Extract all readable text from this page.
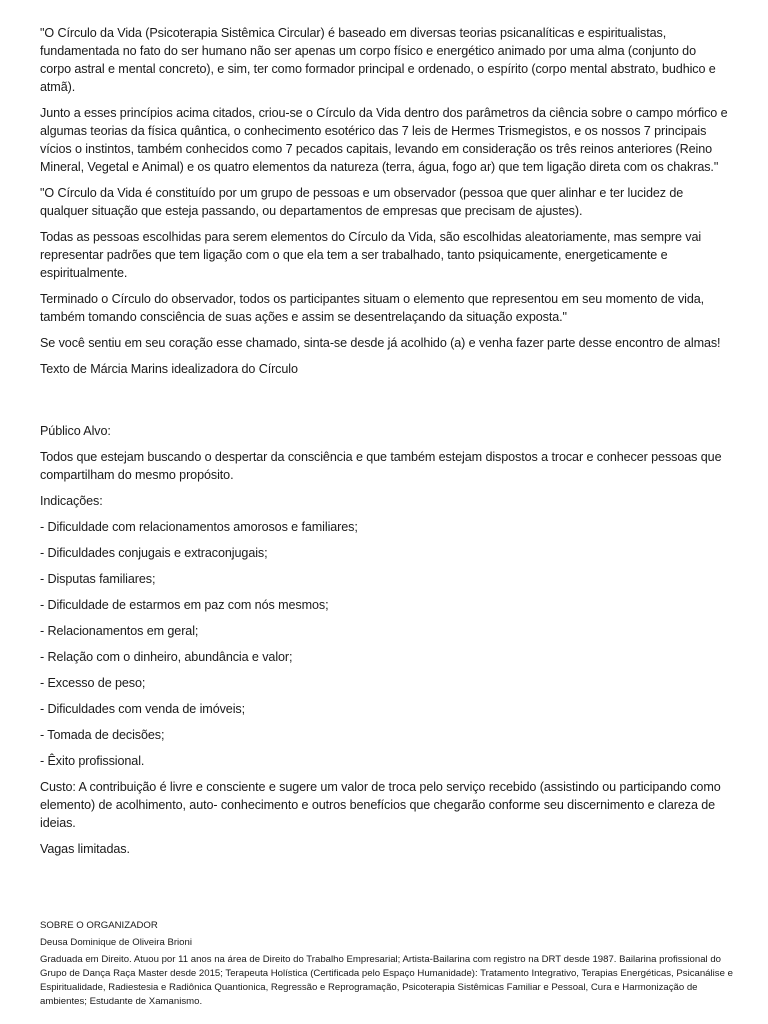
"O Círculo da Vida (Psicoterapia Sistêmica Circular) é baseado em diversas teorias psicanalíticas e espiritualistas, fundamentada no fato do ser humano não ser apenas um corpo físico e energético animado por uma alma (conjunto do corpo astral e mental concreto), e sim, ter como formador principal e ordenado, o espírito (corpo mental abstrato, budhico e atmã).

Junto a esses princípios acima citados, criou-se o Círculo da Vida dentro dos parâmetros da ciência sobre o campo mórfico e algumas teorias da física quântica, o conhecimento esotérico das 7 leis de Hermes Trismegistos, e os nossos 7 principais vícios o instintos, também conhecidos como 7 pecados capitais, levando em consideração os três reinos anteriores (Reino Mineral, Vegetal e Animal) e os quatro elementos da natureza (terra, água, fogo ar) que tem ligação direta com os chakras."

"O Círculo da Vida é constituído por um grupo de pessoas e um observador (pessoa que quer alinhar e ter lucidez de qualquer situação que esteja passando, ou departamentos de empresas que precisam de ajustes).

Todas as pessoas escolhidas para serem elementos do Círculo da Vida, são escolhidas aleatoriamente, mas sempre vai representar padrões que tem ligação com o que ela tem a ser trabalhado, tanto psiquicamente, energeticamente e espiritualmente.

Terminado o Círculo do observador, todos os participantes situam o elemento que representou em seu momento de vida, também tomando consciência de suas ações e assim se desentrelaçando da situação exposta."

Se você sentiu em seu coração esse chamado, sinta-se desde já acolhido (a) e venha fazer parte desse encontro de almas!

Texto de Márcia Marins idealizadora do Círculo

Público Alvo:

Todos que estejam buscando o despertar da consciência e que também estejam dispostos a trocar e conhecer pessoas que compartilham do mesmo propósito.

Indicações:

- Dificuldade com relacionamentos amorosos e familiares;

- Dificuldades conjugais e extraconjugais;

- Disputas familiares;

- Dificuldade de estarmos em paz com nós mesmos;

- Relacionamentos em geral;

- Relação com o dinheiro, abundância e valor;

- Excesso de peso;

- Dificuldades com venda de imóveis;

- Tomada de decisões;

- Êxito profissional.

Custo: A contribuição é livre e consciente e sugere um valor de troca pelo serviço recebido (assistindo ou participando como elemento) de acolhimento, auto- conhecimento e outros benefícios que chegarão conforme seu discernimento e clareza de ideias.

Vagas limitadas.

SOBRE O ORGANIZADOR

Deusa Dominique de Oliveira Brioni

Graduada em Direito. Atuou por 11 anos na área de Direito do Trabalho Empresarial; Artista-Bailarina com registro na DRT desde 1987. Bailarina profissional do Grupo de Dança Raça Master desde 2015; Terapeuta Holística (Certificada pelo Espaço Humanidade): Tratamento Integrativo, Terapias Energéticas, Psicanálise e Espiritualidade, Radiestesia e Radiônica Quantionica, Regressão e Reprogramação, Psicoterapia Sistêmicas Familiar e Pessoal, Cura e Harmonização de ambientes; Estudante de Xamanismo.
